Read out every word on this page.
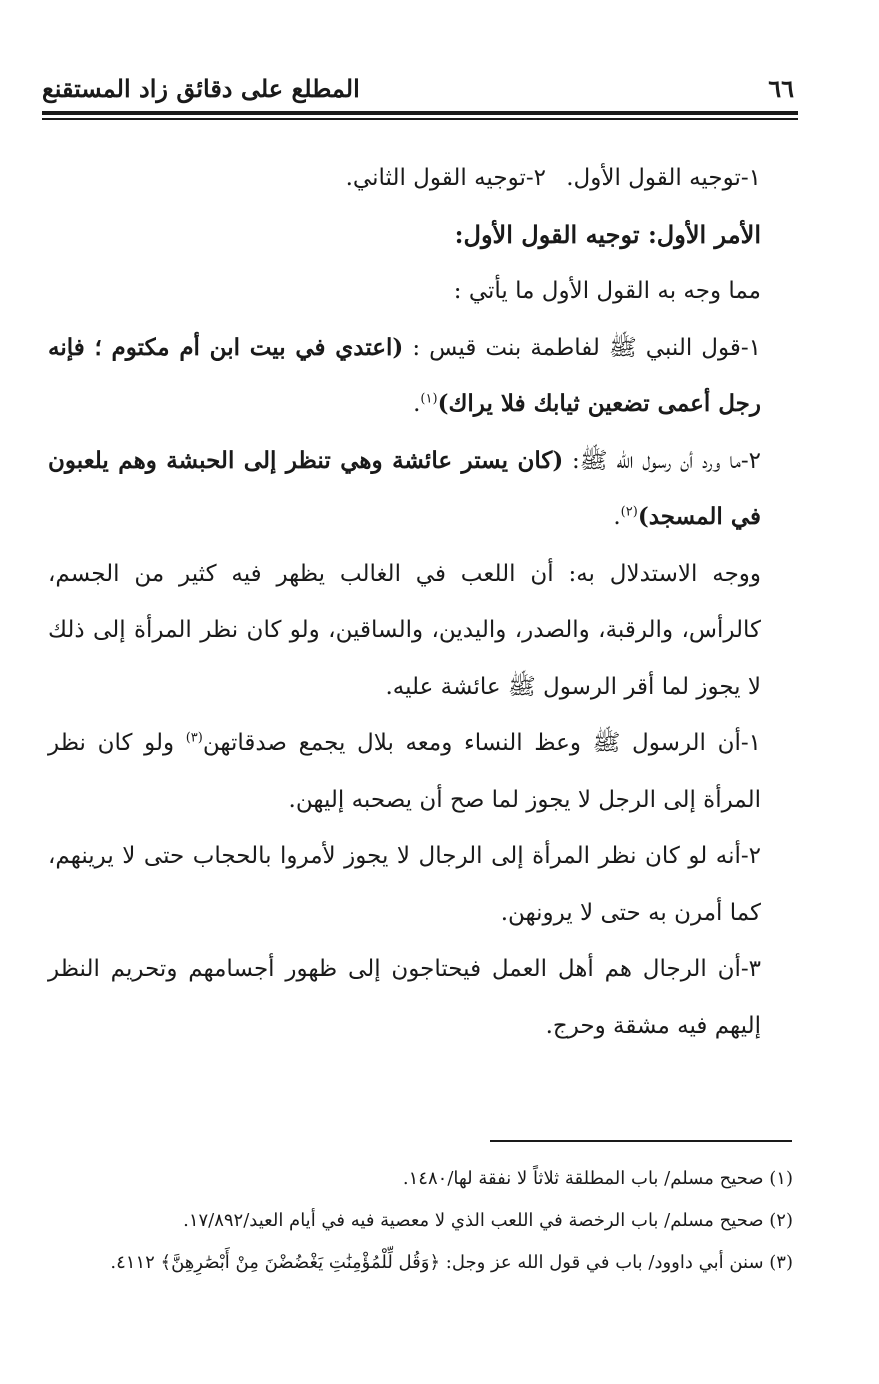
٦٦
المطلع على دقائق زاد المستقنع

١-توجيه القول الأول.
٢-توجيه القول الثاني.

الأمر الأول: توجيه القول الأول:

مما وجه به القول الأول ما يأتي :

١-قول النبي ﷺ لفاطمة بنت قيس : (اعتدي في بيت ابن أم مكتوم ؛ فإنه رجل أعمى تضعين ثيابك فلا يراك)$^{(١)}$.

٢-ما ورد أن رسول الله ﷺ: (كان يستر عائشة وهي تنظر إلى الحبشة وهم يلعبون في المسجد)$^{(٢)}$.

ووجه الاستدلال به: أن اللعب في الغالب يظهر فيه كثير من الجسم، كالرأس، والرقبة، والصدر، واليدين، والساقين، ولو كان نظر المرأة إلى ذلك لا يجوز لما أقر الرسول ﷺ عائشة عليه.

١-أن الرسول ﷺ وعظ النساء ومعه بلال يجمع صدقاتهن$^{(٣)}$ ولو كان نظر المرأة إلى الرجل لا يجوز لما صح أن يصحبه إليهن.

٢-أنه لو كان نظر المرأة إلى الرجال لا يجوز لأمروا بالحجاب حتى لا يرينهم، كما أمرن به حتى لا يرونهن.

٣-أن الرجال هم أهل العمل فيحتاجون إلى ظهور أجسامهم وتحريم النظر إليهم فيه مشقة وحرج.

(١) صحيح مسلم/ باب المطلقة ثلاثاً لا نفقة لها/١٤٨٠.

(٢) صحيح مسلم/ باب الرخصة في اللعب الذي لا معصية فيه في أيام العيد/١٧/٨٩٢.

(٣) سنن أبي داوود/ باب في قول الله عز وجل: ﴿وَقُل لِّلْمُؤْمِنَٰتِ يَغْضُضْنَ مِنْ أَبْصَٰرِهِنَّ﴾ ٤١١٢.
